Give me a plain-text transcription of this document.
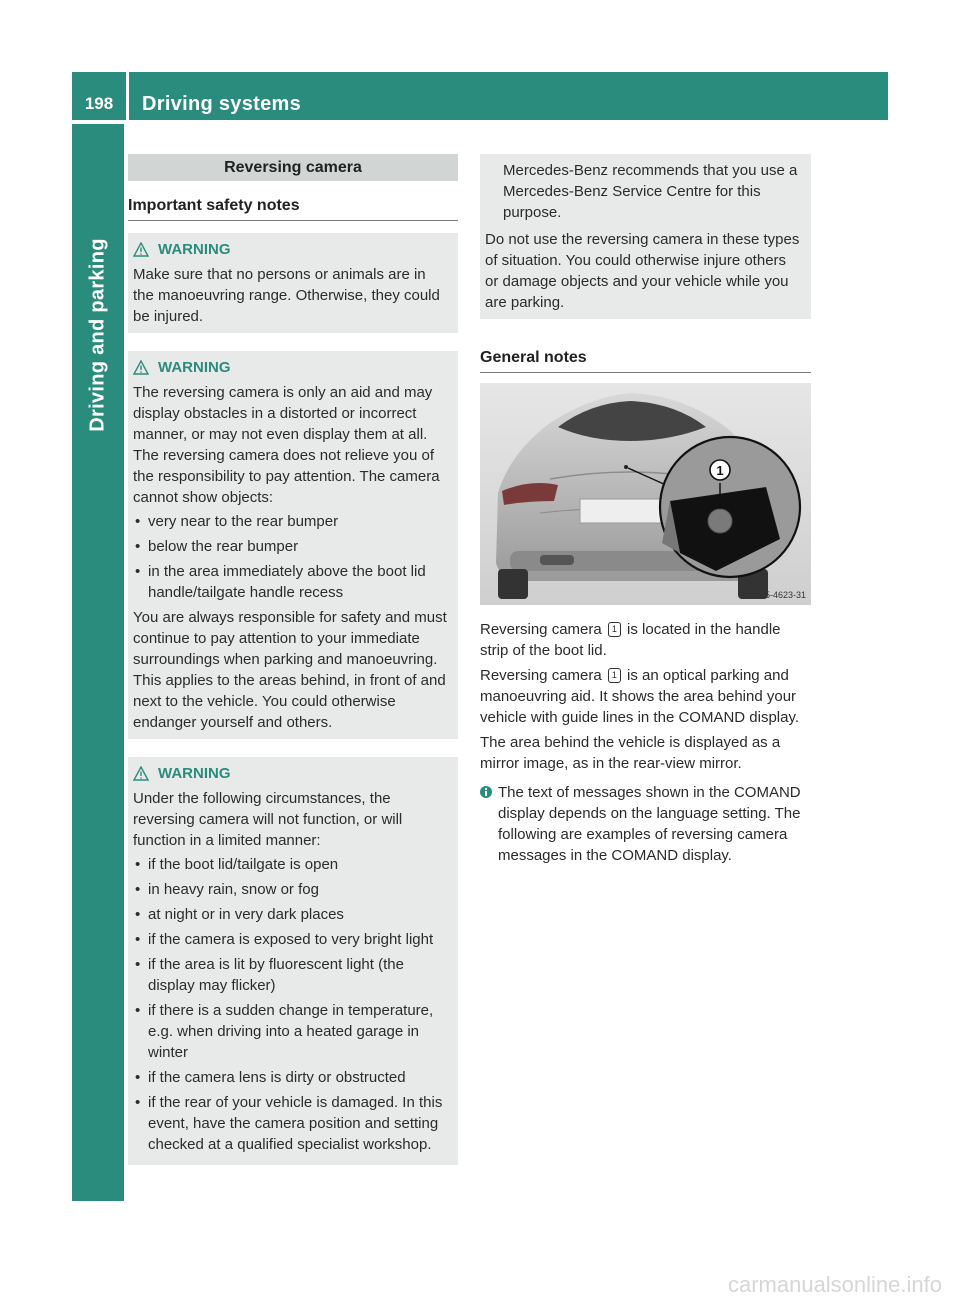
198	Driving systems
Driving and parking
Reversing camera
Important safety notes
WARNING

Make sure that no persons or animals are in the manoeuvring range. Otherwise, they could be injured.

WARNING

The reversing camera is only an aid and may display obstacles in a distorted or incorrect manner, or may not even display them at all. The reversing camera does not relieve you of the responsibility to pay attention. The camera cannot show objects:

• very near to the rear bumper
• below the rear bumper
• in the area immediately above the boot lid handle/tailgate handle recess

You are always responsible for safety and must continue to pay attention to your immediate surroundings when parking and manoeuvring. This applies to the areas behind, in front of and next to the vehicle. You could otherwise endanger yourself and others.

WARNING

Under the following circumstances, the reversing camera will not function, or will function in a limited manner:

• if the boot lid/tailgate is open
• in heavy rain, snow or fog
• at night or in very dark places
• if the camera is exposed to very bright light
• if the area is lit by fluorescent light (the display may flicker)
• if there is a sudden change in temperature, e.g. when driving into a heated garage in winter
• if the camera lens is dirty or obstructed
• if the rear of your vehicle is damaged. In this event, have the camera position and setting checked at a qualified specialist workshop.

Mercedes-Benz recommends that you use a Mercedes-Benz Service Centre for this purpose.

Do not use the reversing camera in these types of situation. You could otherwise injure others or damage objects and your vehicle while you are parking.

General notes
1
P54.65-4623-31

Reversing camera 1 is located in the handle strip of the boot lid.

Reversing camera 1 is an optical parking and manoeuvring aid. It shows the area behind your vehicle with guide lines in the COMAND display.

The area behind the vehicle is displayed as a mirror image, as in the rear-view mirror.

The text of messages shown in the COMAND display depends on the language setting. The following are examples of reversing camera messages in the COMAND display.

carmanualsonline.info
